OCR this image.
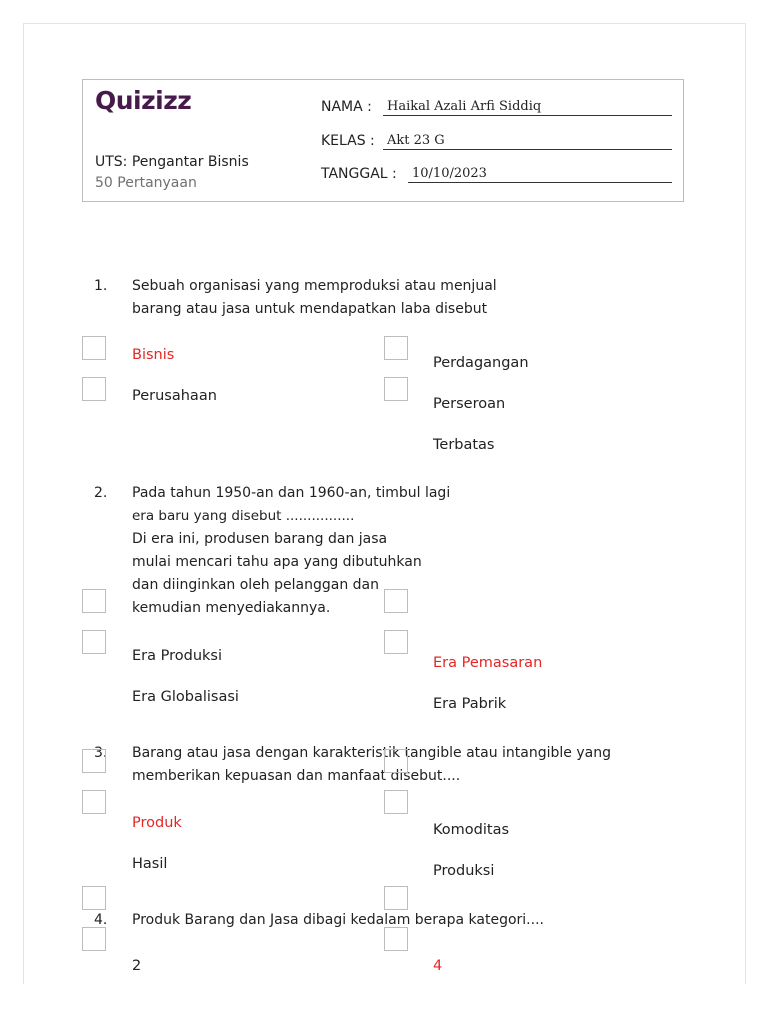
Quizizz
UTS: Pengantar Bisnis
50 Pertanyaan
NAMA :	Haikal Azali Arfi Siddiq
KELAS : Akt 23 G
TANGGAL :	10/10/2023
1. Sebuah organisasi yang memproduksi atau menjual
barang atau jasa untuk mendapatkan laba disebut
Bisnis	Perdagangan
Perusahaan	Perseroan
Terbatas
2. Pada tahun 1950-an dan 1960-an, timbul lagi
era baru yang disebut ................
Di era ini, produsen barang dan jasa
mulai mencari tahu apa yang dibutuhkan
dan diinginkan oleh pelanggan dan
kemudian menyediakannya.
Era Produksi	Era Pemasaran
Era Globalisasi	Era Pabrik
3. Barang atau jasa dengan karakteristik tangible atau intangible yang
memberikan kepuasan dan manfaat disebut....
Produk	Komoditas
Hasil	Produksi
4. Produk Barang dan Jasa dibagi kedalam berapa kategori....
2	4
